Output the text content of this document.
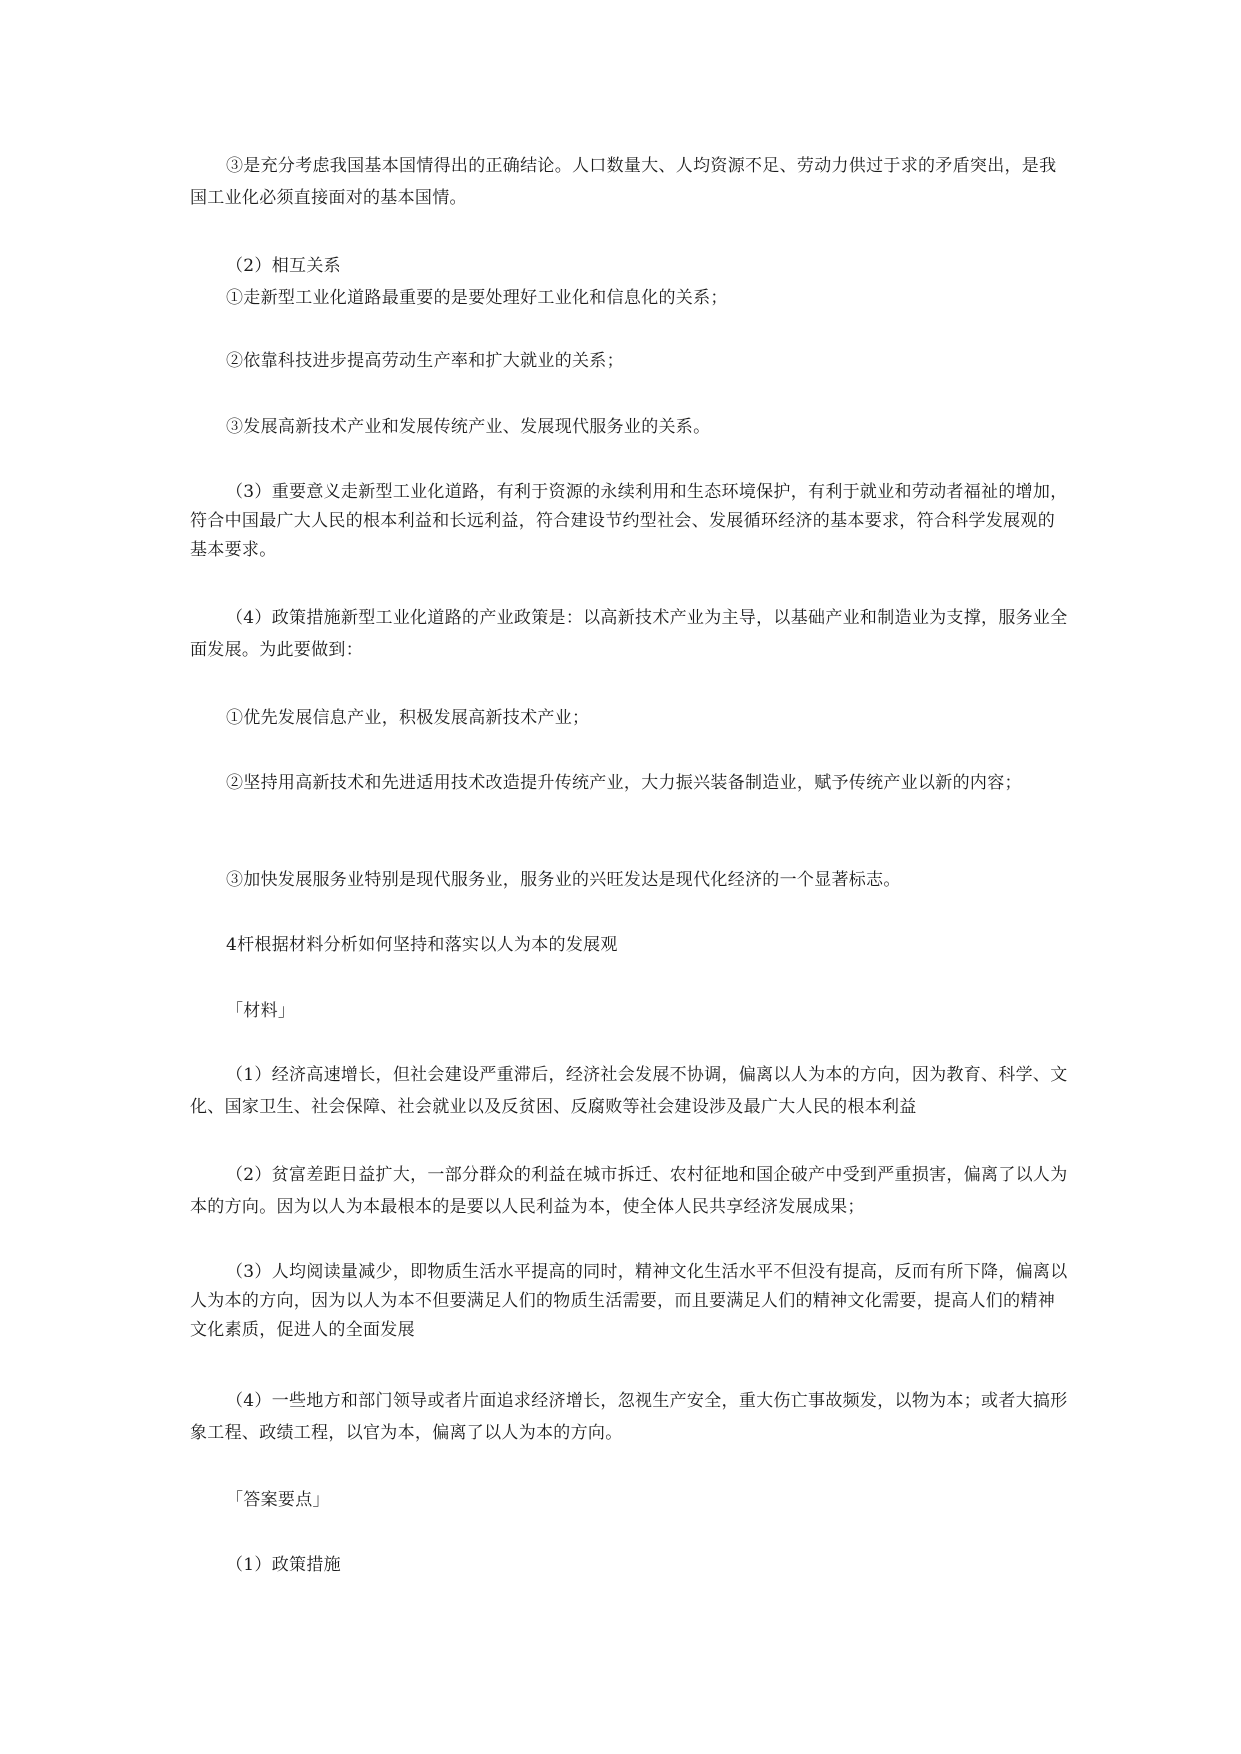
③是充分考虑我国基本国情得出的正确结论。人口数量大、人均资源不足、劳动力供过于求的矛盾突出，是我国工业化必须直接面对的基本国情。

（2）相互关系

①走新型工业化道路最重要的是要处理好工业化和信息化的关系；

②依靠科技进步提高劳动生产率和扩大就业的关系；

③发展高新技术产业和发展传统产业、发展现代服务业的关系。

（3）重要意义走新型工业化道路，有利于资源的永续利用和生态环境保护，有利于就业和劳动者福祉的增加，符合中国最广大人民的根本利益和长远利益，符合建设节约型社会、发展循环经济的基本要求，符合科学发展观的基本要求。

（4）政策措施新型工业化道路的产业政策是：以高新技术产业为主导，以基础产业和制造业为支撑，服务业全面发展。为此要做到：

①优先发展信息产业，积极发展高新技术产业；

②坚持用高新技术和先进适用技术改造提升传统产业，大力振兴装备制造业，赋予传统产业以新的内容；

③加快发展服务业特别是现代服务业，服务业的兴旺发达是现代化经济的一个显著标志。

4杆根据材料分析如何坚持和落实以人为本的发展观

「材料」

（1）经济高速增长，但社会建设严重滞后，经济社会发展不协调，偏离以人为本的方向，因为教育、科学、文化、国家卫生、社会保障、社会就业以及反贫困、反腐败等社会建设涉及最广大人民的根本利益

（2）贫富差距日益扩大，一部分群众的利益在城市拆迁、农村征地和国企破产中受到严重损害，偏离了以人为本的方向。因为以人为本最根本的是要以人民利益为本，使全体人民共享经济发展成果；

（3）人均阅读量减少，即物质生活水平提高的同时，精神文化生活水平不但没有提高，反而有所下降，偏离以人为本的方向，因为以人为本不但要满足人们的物质生活需要，而且要满足人们的精神文化需要，提高人们的精神文化素质，促进人的全面发展

（4）一些地方和部门领导或者片面追求经济增长，忽视生产安全，重大伤亡事故频发，以物为本；或者大搞形象工程、政绩工程，以官为本，偏离了以人为本的方向。

「答案要点」

（1）政策措施
